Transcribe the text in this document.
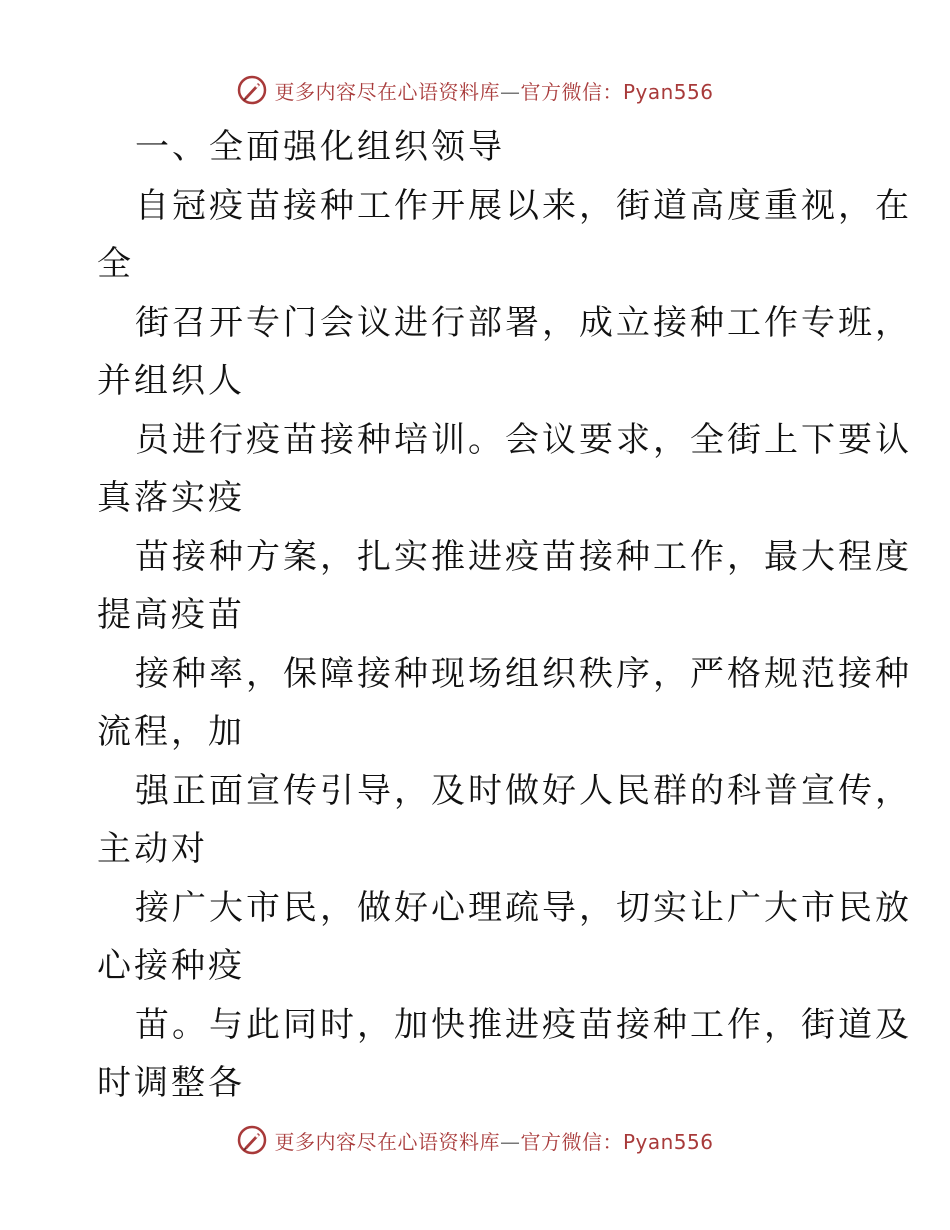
更多内容尽在心语资料库—官方微信：Pyan556
一、全面强化组织领导
自冠疫苗接种工作开展以来，街道高度重视，在
全
街召开专门会议进行部署，成立接种工作专班，
并组织人
员进行疫苗接种培训。会议要求，全街上下要认
真落实疫
苗接种方案，扎实推进疫苗接种工作，最大程度
提高疫苗
接种率，保障接种现场组织秩序，严格规范接种
流程，加
强正面宣传引导，及时做好人民群的科普宣传，
主动对
接广大市民，做好心理疏导，切实让广大市民放
心接种疫
苗。与此同时，加快推进疫苗接种工作，街道及
时调整各
更多内容尽在心语资料库—官方微信：Pyan556
